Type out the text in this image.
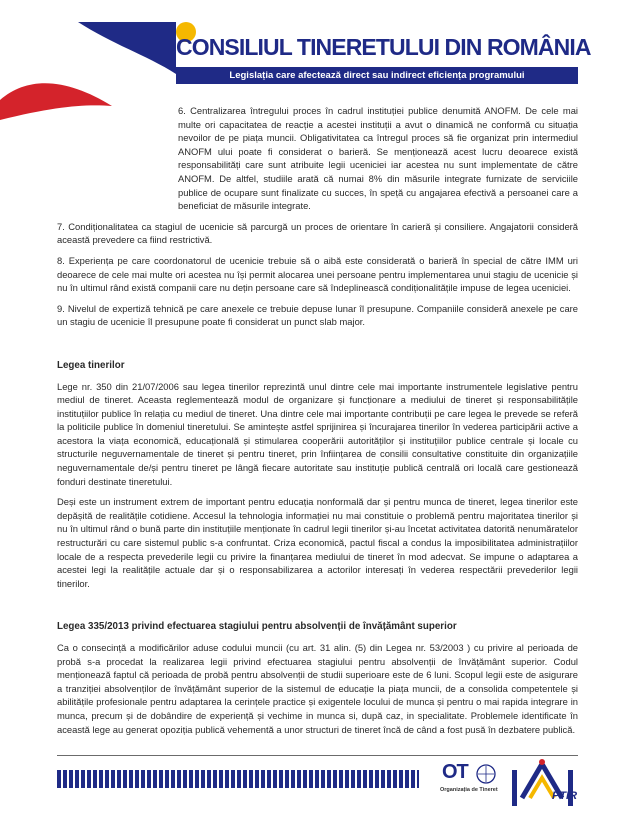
CONSILIUL TINERETULUI DIN ROMÂNIA
Legislația care afectează direct sau indirect eficiența programului

6. Centralizarea întregului proces în cadrul instituției publice denumită ANOFM. De cele mai multe ori capacitatea de reacție a acestei instituții a avut o dinamică ne conformă cu situația nevoilor de pe piața muncii. Obligativitatea ca întregul proces să fie organizat prin intermediul ANOFM ului poate fi considerat o barieră. Se menționează acest lucru deoarece există responsabilități care sunt atribuite legii uceniciei iar acestea nu sunt implementate de către ANOFM. De altfel, studiile arată că numai 8% din măsurile integrate furnizate de serviciile publice de ocupare sunt finalizate cu succes, în speță cu angajarea efectivă a persoanei care a beneficiat de măsurile integrate.

7. Condiționalitatea ca stagiul de ucenicie să parcurgă un proces de orientare în carieră și consiliere. Angajatorii consideră această prevedere ca fiind restrictivă.

8. Experiența pe care coordonatorul de ucenicie trebuie să o aibă este considerată o barieră în special de către IMM uri deoarece de cele mai multe ori acestea nu își permit alocarea unei persoane pentru implementarea unui stagiu de ucenicie și nu în ultimul rând există companii care nu dețin persoane care să îndeplinească condiționalitățile impuse de legea uceniciei.

9. Nivelul de expertiză tehnică pe care anexele ce trebuie depuse lunar îl presupune. Companiile consideră anexele pe care un stagiu de ucenicie îl presupune poate fi considerat un punct slab major.

Legea tinerilor

Lege nr. 350 din 21/07/2006 sau legea tinerilor reprezintă unul dintre cele mai importante instrumentele legislative pentru mediul de tineret. Aceasta reglementează modul de organizare și funcționare a mediului de tineret și responsabilitățile instituțiilor publice în relația cu mediul de tineret. Una dintre cele mai importante contribuții pe care legea le prevede se referă la politicile publice în domeniul tineretului. Se amintește astfel sprijinirea și încurajarea tinerilor în vederea participării active a acestora la viața economică, educațională și stimularea cooperării autorităților și instituțiilor publice centrale și locale cu structurile neguvernamentale de tineret și pentru tineret, prin înființarea de consilii consultative constituite din organizațiile neguvernamentale de/și pentru tineret pe lângă fiecare autoritate sau instituție publică centrală ori locală care gestionează fonduri destinate tineretului.

Deși este un instrument extrem de important pentru educația nonformală dar și pentru munca de tineret, legea tinerilor este depășită de realitățile cotidiene. Accesul la tehnologia informației nu mai constituie o problemă pentru majoritatea tinerilor și nu în ultimul rând o bună parte din instituțiile menționate în cadrul legii tinerilor și-au încetat activitatea datorită nenumăratelor restructurări cu care sistemul public s-a confruntat. Criza economică, pactul fiscal a condus la imposibilitatea administrațiilor locale de a respecta prevederile legii cu privire la finanțarea mediului de tineret în mod adecvat. Se impune o adaptarea a acestei legi la realitățile actuale dar și o responsabilizarea a actorilor interesați în vederea respectării prevederilor legii tinerilor.

Legea 335/2013 privind efectuarea stagiului pentru absolvenții de învățământ superior

Ca o consecință a modificărilor aduse codului muncii (cu art. 31 alin. (5) din Legea nr. 53/2003 ) cu privire al perioada de probă s-a procedat la realizarea legii privind efectuarea stagiului pentru absolvenții de învățământ superior. Codul menționează faptul că perioada de probă pentru absolvenții de studii superioare este de 6 luni. Scopul legii este de asigurare a tranziției absolvenților de învățământ superior de la sistemul de educație la piața muncii, de a consolida competentele și abilitățile profesionale pentru adaptarea la cerințele practice și exigentele locului de munca și pentru o mai rapida integrare in munca, precum și de dobândire de experiență și vechime in munca si, după caz, in specialitate. Problemele identificate în această lege au generat opoziția publică vehementă a unor structuri de tineret încă de când a fost pusă în dezbatere publică.

OT
Organizația de Tineret	PTIR
